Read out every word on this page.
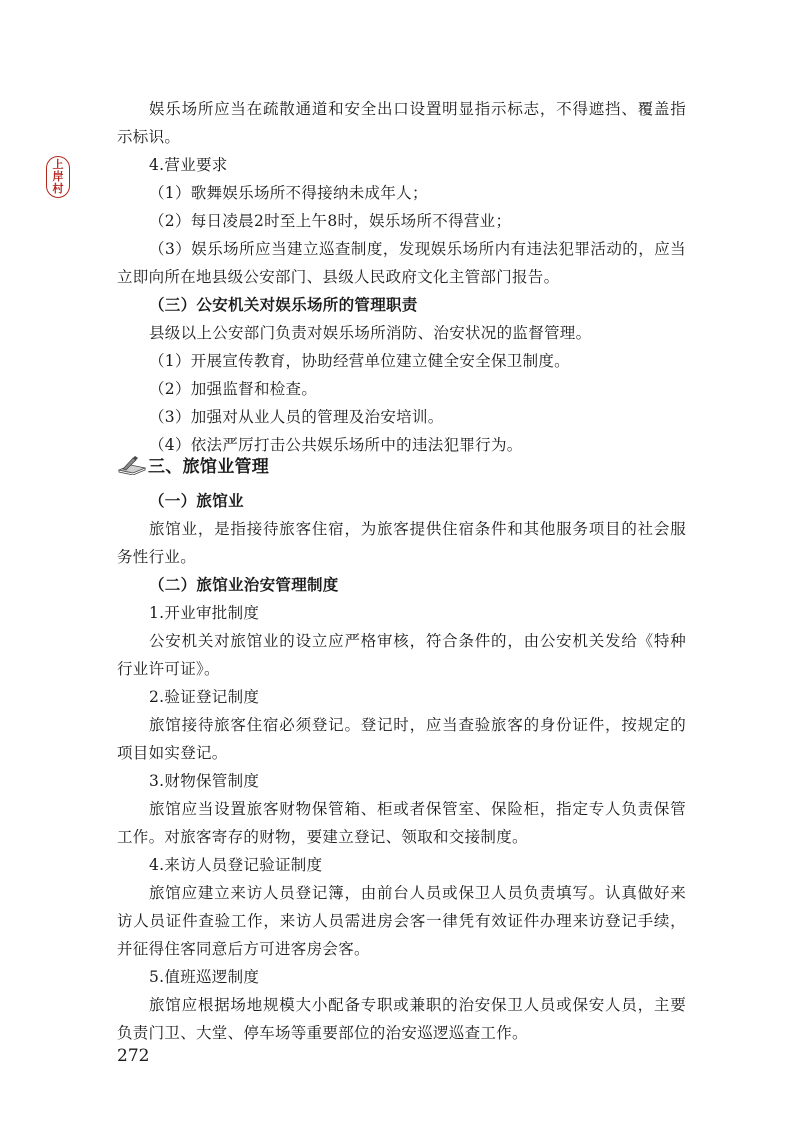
上
岸
村
娱乐场所应当在疏散通道和安全出口设置明显指示标志，不得遮挡、覆盖指
示标识。
4.营业要求
（1）歌舞娱乐场所不得接纳未成年人；
（2）每日凌晨2时至上午8时，娱乐场所不得营业；
（3）娱乐场所应当建立巡查制度，发现娱乐场所内有违法犯罪活动的，应当
立即向所在地县级公安部门、县级人民政府文化主管部门报告。
（三）公安机关对娱乐场所的管理职责
县级以上公安部门负责对娱乐场所消防、治安状况的监督管理。
（1）开展宣传教育，协助经营单位建立健全安全保卫制度。
（2）加强监督和检查。
（3）加强对从业人员的管理及治安培训。
（4）依法严厉打击公共娱乐场所中的违法犯罪行为。
三、旅馆业管理
（一）旅馆业
旅馆业，是指接待旅客住宿，为旅客提供住宿条件和其他服务项目的社会服
务性行业。
（二）旅馆业治安管理制度
1.开业审批制度
公安机关对旅馆业的设立应严格审核，符合条件的，由公安机关发给《特种
行业许可证》。
2.验证登记制度
旅馆接待旅客住宿必须登记。登记时，应当查验旅客的身份证件，按规定的
项目如实登记。
3.财物保管制度
旅馆应当设置旅客财物保管箱、柜或者保管室、保险柜，指定专人负责保管
工作。对旅客寄存的财物，要建立登记、领取和交接制度。
4.来访人员登记验证制度
旅馆应建立来访人员登记簿，由前台人员或保卫人员负责填写。认真做好来
访人员证件查验工作，来访人员需进房会客一律凭有效证件办理来访登记手续，
并征得住客同意后方可进客房会客。
5.值班巡逻制度
旅馆应根据场地规模大小配备专职或兼职的治安保卫人员或保安人员，主要
负责门卫、大堂、停车场等重要部位的治安巡逻巡查工作。
272
